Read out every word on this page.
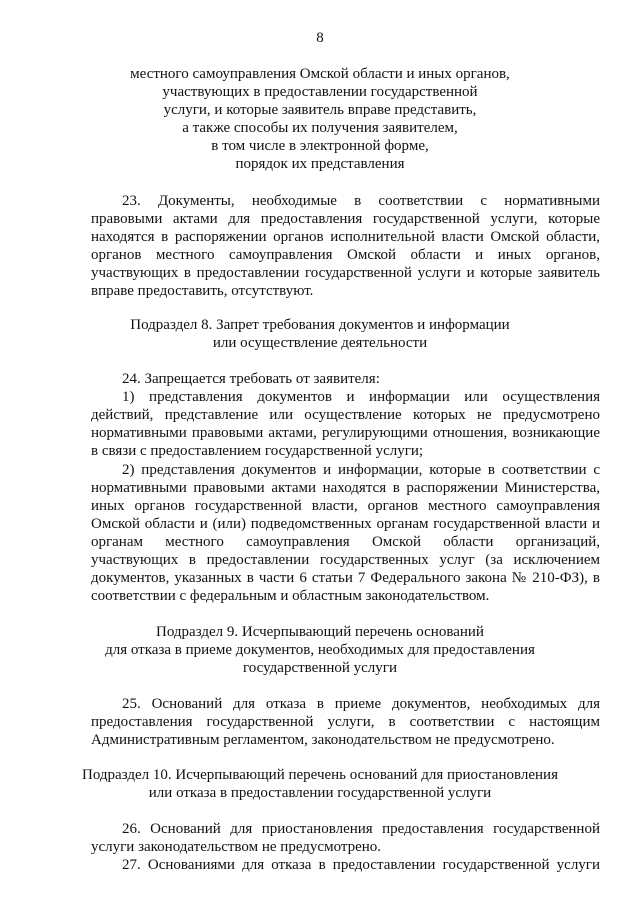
8
местного самоуправления Омской области и иных органов,
участвующих в предоставлении государственной
услуги, и которые заявитель вправе представить,
а также способы их получения заявителем,
в том числе в электронной форме,
порядок их представления
23. Документы, необходимые в соответствии с нормативными
правовыми актами для предоставления государственной услуги, которые
находятся в распоряжении органов исполнительной власти Омской области,
органов местного самоуправления Омской области и иных органов,
участвующих в предоставлении государственной услуги и которые заявитель
вправе предоставить, отсутствуют.
Подраздел 8. Запрет требования документов и информации
или осуществление деятельности
24. Запрещается требовать от заявителя:
1) представления документов и информации или осуществления
действий, представление или осуществление которых не предусмотрено
нормативными правовыми актами, регулирующими отношения, возникающие
в связи с предоставлением государственной услуги;
2) представления документов и информации, которые в соответствии с
нормативными правовыми актами находятся в распоряжении Министерства,
иных органов государственной власти, органов местного самоуправления
Омской области и (или) подведомственных органам государственной власти и
органам местного самоуправления Омской области организаций,
участвующих в предоставлении государственных услуг (за исключением
документов, указанных в части 6 статьи 7 Федерального закона № 210-ФЗ), в
соответствии с федеральным и областным законодательством.
Подраздел 9. Исчерпывающий перечень оснований
для отказа в приеме документов, необходимых для предоставления
государственной услуги
25. Оснований для отказа в приеме документов, необходимых для
предоставления государственной услуги, в соответствии с настоящим
Административным регламентом, законодательством не предусмотрено.
Подраздел 10. Исчерпывающий перечень оснований для приостановления
или отказа в предоставлении государственной услуги
26. Оснований для приостановления предоставления государственной
услуги законодательством не предусмотрено.
27. Основаниями для отказа в предоставлении государственной услуги
